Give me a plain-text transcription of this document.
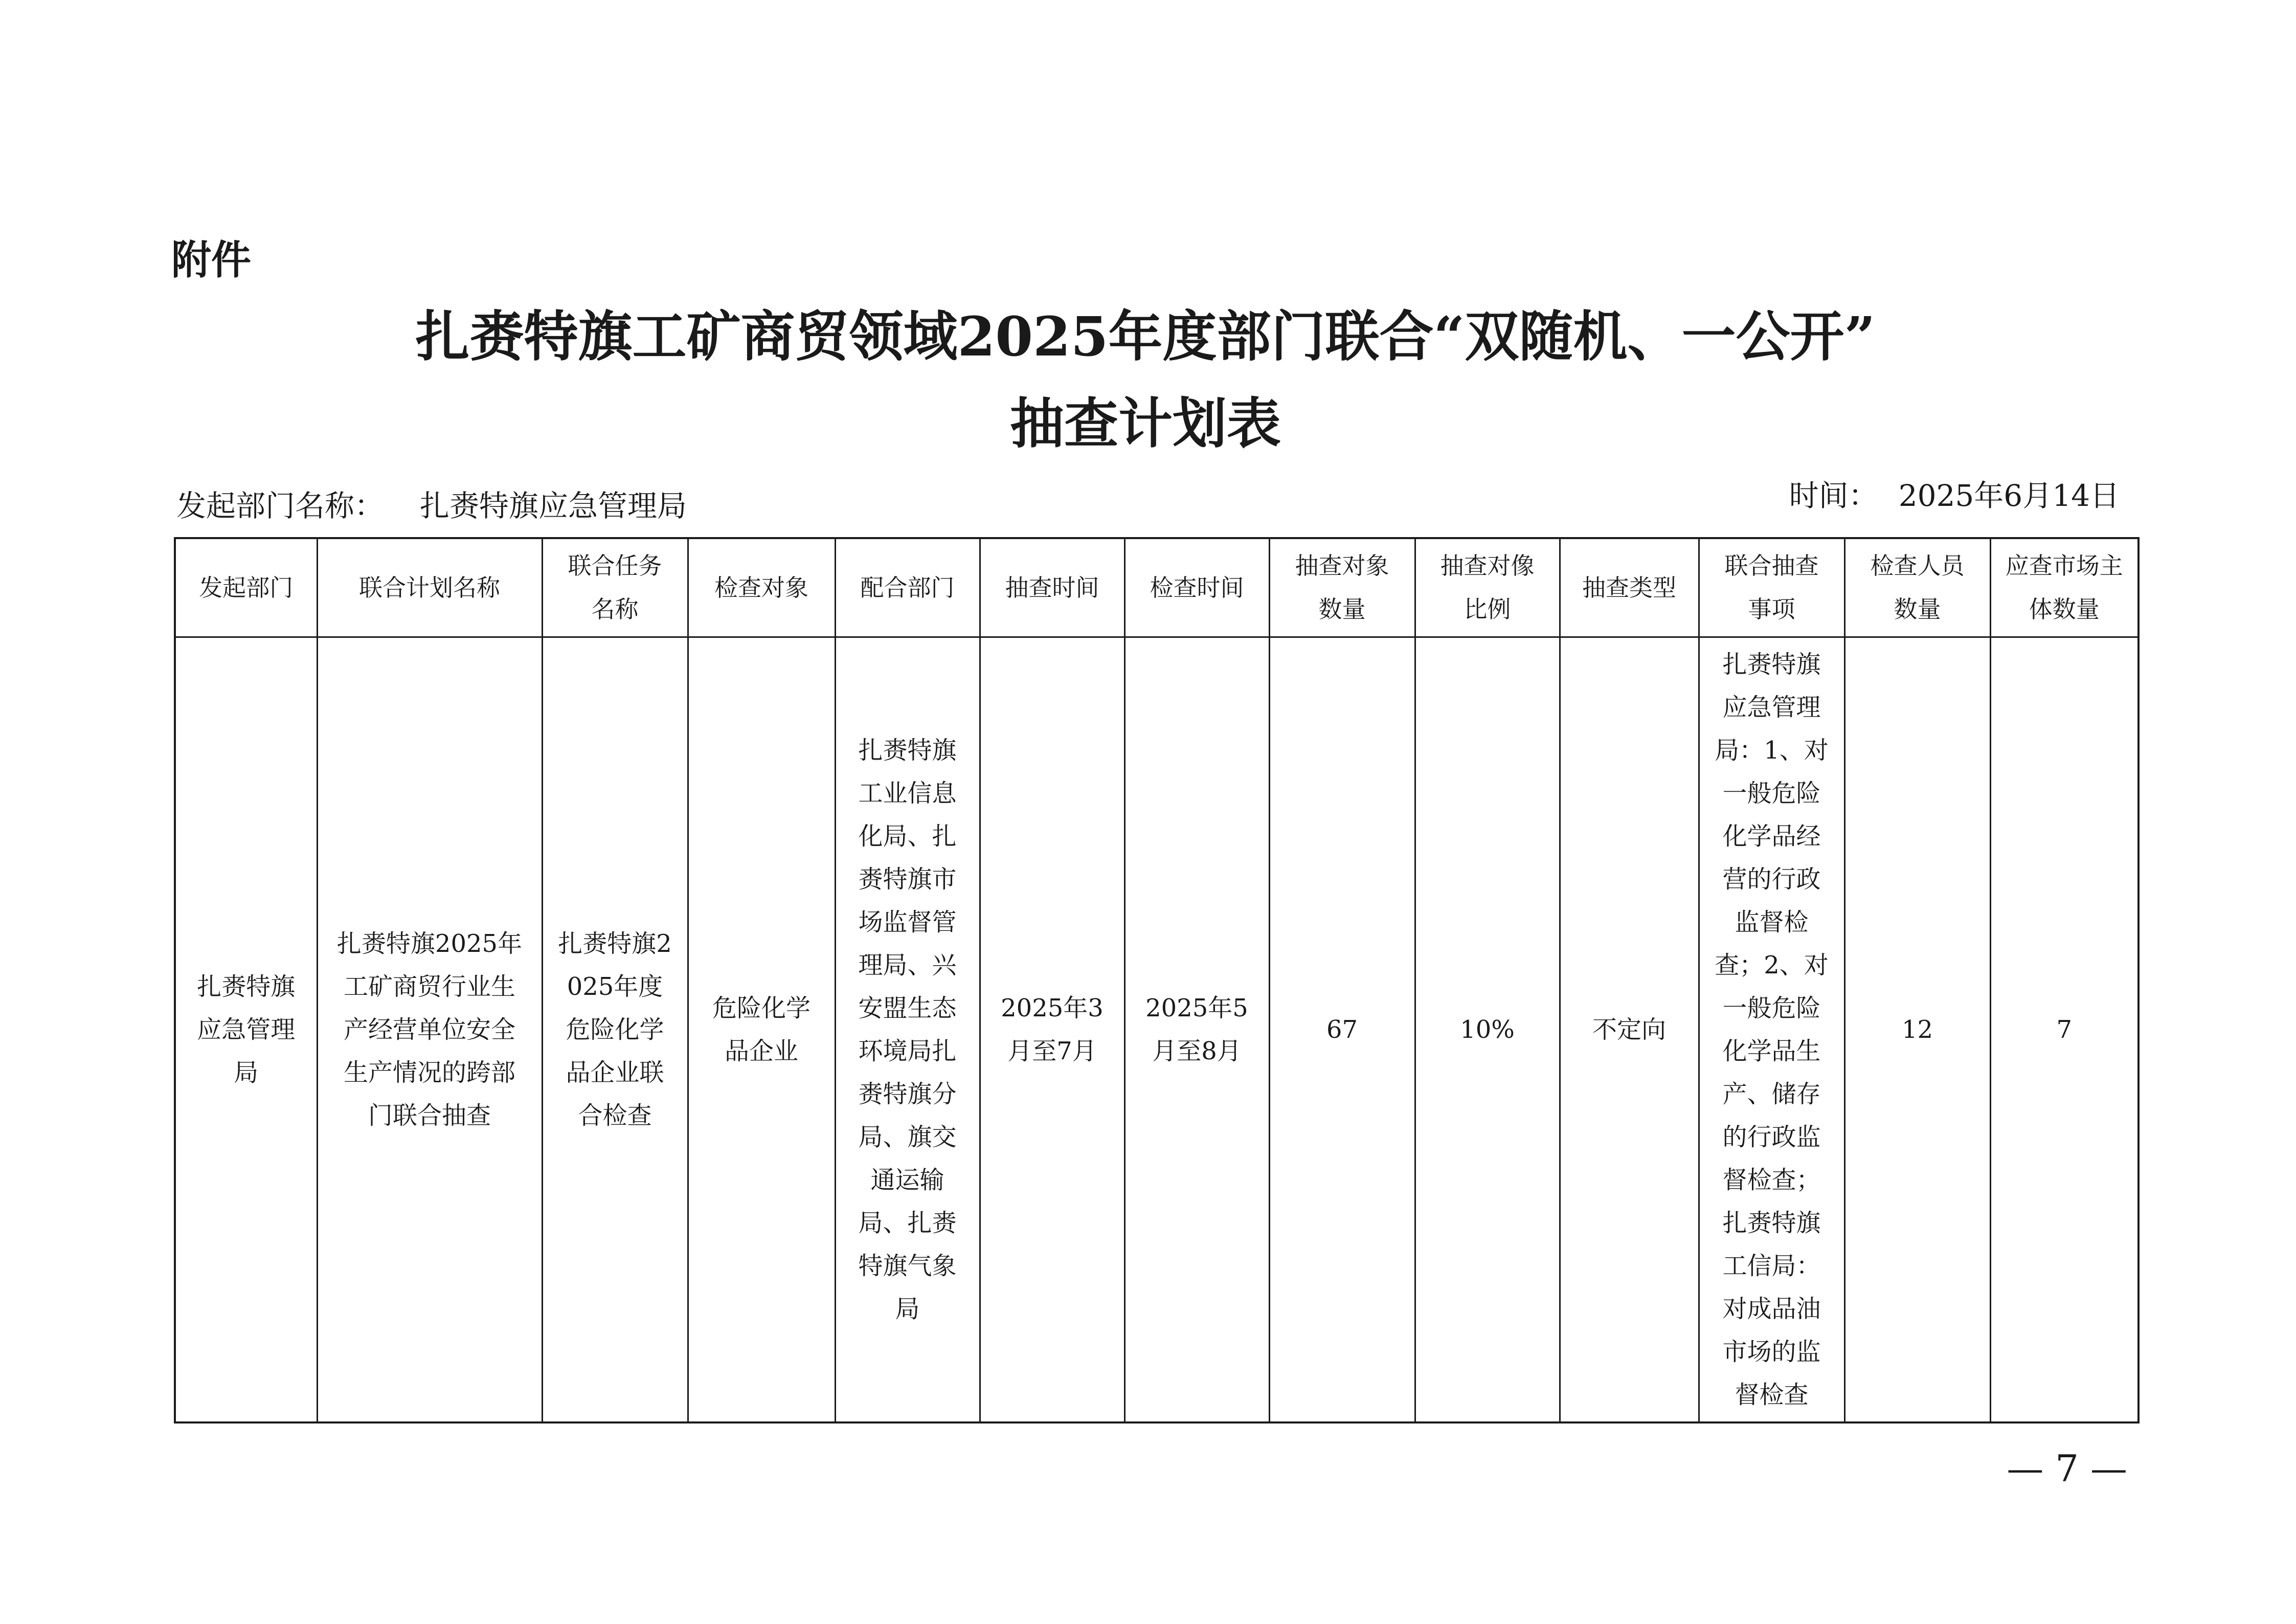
附件
扎赉特旗工矿商贸领域2025年度部门联合“双随机、一公开”
抽查计划表
发起部门名称： 扎赉特旗应急管理局	时间： 2025年6月14日
发起部门	联合计划名称	联合任务名称	检查对象	配合部门	抽查时间	检查时间	抽查对象数量	抽查对像比例	抽查类型	联合抽查事项	检查人员数量	应查市场主体数量
扎赉特旗应急管理局	扎赉特旗2025年工矿商贸行业生产经营单位安全生产情况的跨部门联合抽查	扎赉特旗2025年度危险化学品企业联合检查	危险化学品企业	扎赉特旗工业信息化局、扎赉特旗市场监督管理局、兴安盟生态环境局扎赉特旗分局、旗交通运输局、扎赉特旗气象局	2025年3月至7月	2025年5月至8月	67	10%	不定向	扎赉特旗应急管理局：1、对一般危险化学品经营的行政监督检查；2、对一般危险化学品生产、储存的行政监督检查；扎赉特旗工信局：对成品油市场的监督检查	12	7
— 7 —
